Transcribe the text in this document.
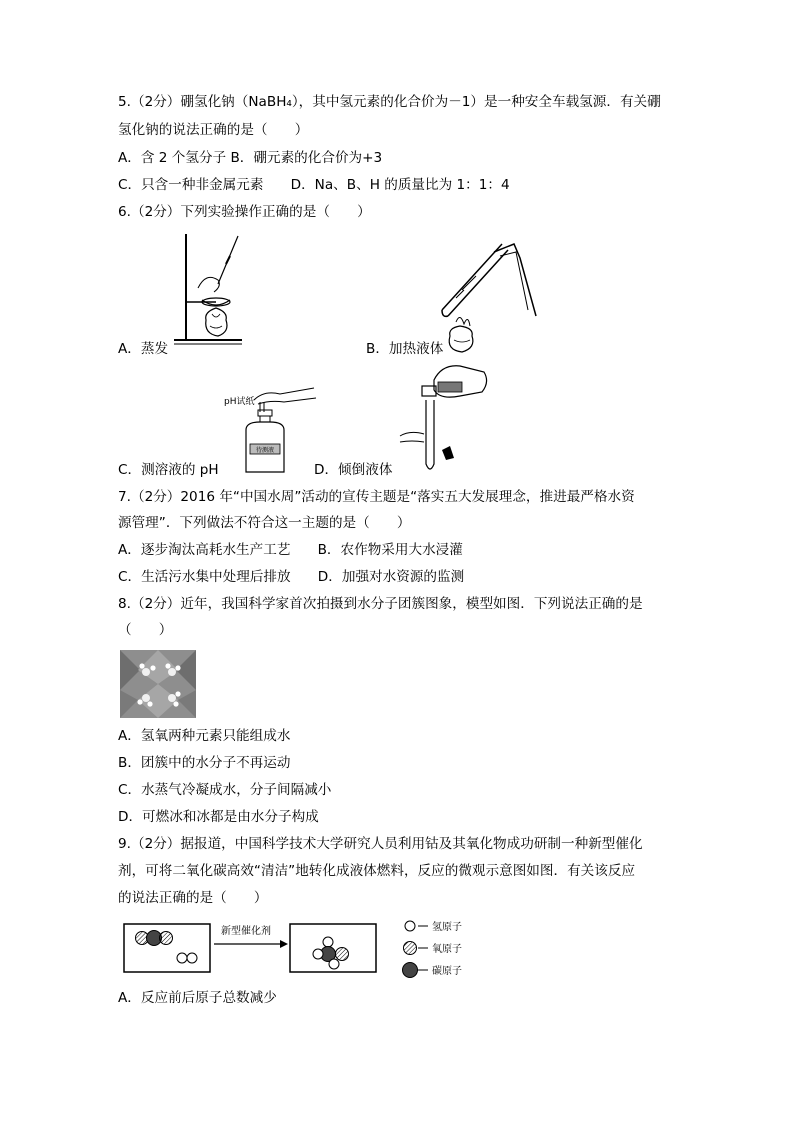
5.（2分）硼氢化钠（NaBH₄），其中氢元素的化合价为－1）是一种安全车载氢源．有关硼
氢化钠的说法正确的是（　　）
A．含 2 个氢分子 B．硼元素的化合价为+3
C．只含一种非金属元素　　D．Na、B、H 的质量比为 1：1：4
6.（2分）下列实验操作正确的是（　　）
A．蒸发	B．加热液体
pH试纸
待测液
C．测溶液的 pH	D．倾倒液体
7.（2分）2016 年“中国水周”活动的宣传主题是“落实五大发展理念，推进最严格水资
源管理”．下列做法不符合这一主题的是（　　）
A．逐步淘汰高耗水生产工艺　　B．农作物采用大水浸灌
C．生活污水集中处理后排放　　D．加强对水资源的监测
8.（2分）近年，我国科学家首次拍摄到水分子团簇图象，模型如图．下列说法正确的是
（　　）
A．氢氧两种元素只能组成水
B．团簇中的水分子不再运动
C．水蒸气冷凝成水，分子间隔减小
D．可燃冰和冰都是由水分子构成
9.（2分）据报道，中国科学技术大学研究人员利用钴及其氧化物成功研制一种新型催化
剂，可将二氧化碳高效“清洁”地转化成液体燃料，反应的微观示意图如图．有关该反应
的说法正确的是（　　）
新型催化剂	氢原子
氧原子
碳原子
A．反应前后原子总数减少
